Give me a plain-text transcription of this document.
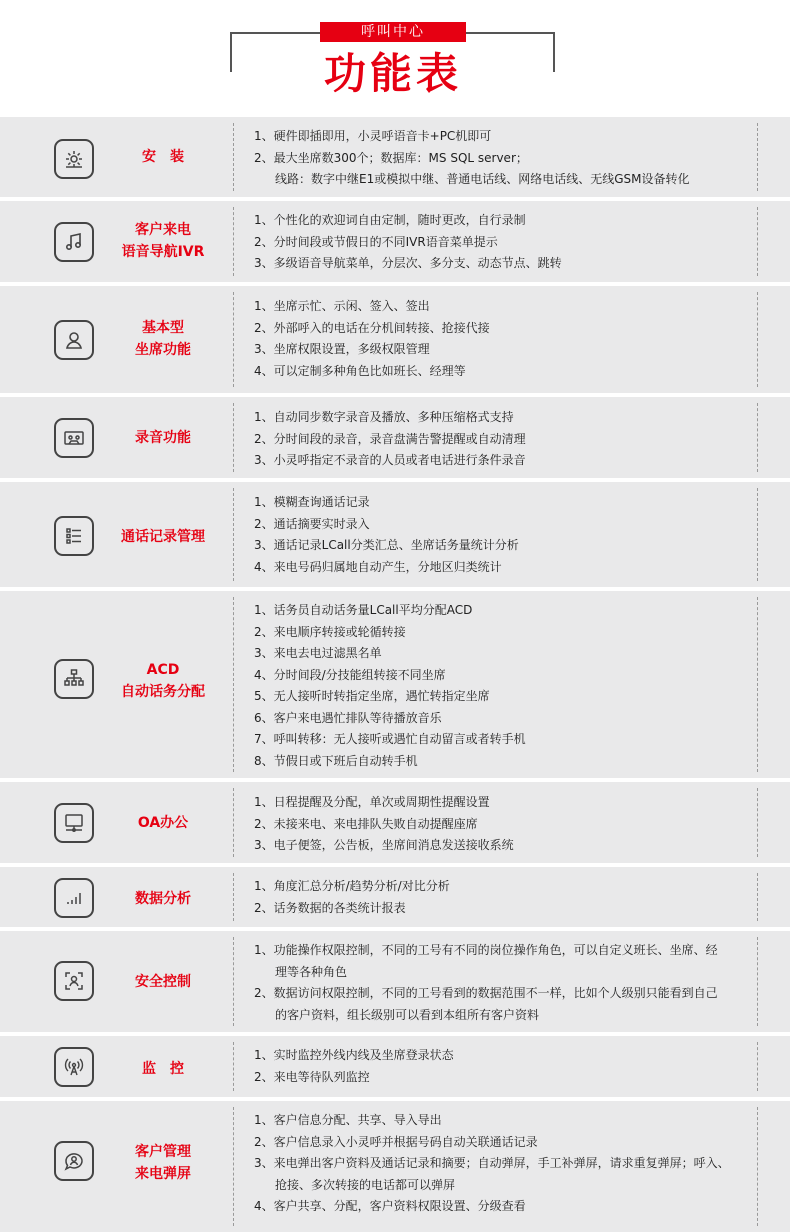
呼叫中心
功能表
安　装
1、硬件即插即用，小灵呼语音卡+PC机即可
2、最大坐席数300个；数据库：MS SQL server；
线路：数字中继E1或模拟中继、普通电话线、网络电话线、无线GSM设备转化
客户来电
语音导航IVR
1、个性化的欢迎词自由定制，随时更改，自行录制
2、分时间段或节假日的不同IVR语音菜单提示
3、多级语音导航菜单，分层次、多分支、动态节点、跳转
基本型
坐席功能
1、坐席示忙、示闲、签入、签出
2、外部呼入的电话在分机间转接、抢接代接
3、坐席权限设置，多级权限管理
4、可以定制多种角色比如班长、经理等
录音功能
1、自动同步数字录音及播放、多种压缩格式支持
2、分时间段的录音，录音盘满告警提醒或自动清理
3、小灵呼指定不录音的人员或者电话进行条件录音
通话记录管理
1、模糊查询通话记录
2、通话摘要实时录入
3、通话记录LCall分类汇总、坐席话务量统计分析
4、来电号码归属地自动产生，分地区归类统计
ACD
自动话务分配
1、话务员自动话务量LCall平均分配ACD
2、来电顺序转接或轮循转接
3、来电去电过滤黑名单
4、分时间段/分技能组转接不同坐席
5、无人接听时转指定坐席，遇忙转指定坐席
6、客户来电遇忙排队等待播放音乐
7、呼叫转移：无人接听或遇忙自动留言或者转手机
8、节假日或下班后自动转手机
OA办公
1、日程提醒及分配，单次或周期性提醒设置
2、未接来电、来电排队失败自动提醒座席
3、电子便签，公告板，坐席间消息发送接收系统
数据分析
1、角度汇总分析/趋势分析/对比分析
2、话务数据的各类统计报表
安全控制
1、功能操作权限控制，不同的工号有不同的岗位操作角色，可以自定义班长、坐席、经
理等各种角色
2、数据访问权限控制，不同的工号看到的数据范围不一样，比如个人级别只能看到自己
的客户资料，组长级别可以看到本组所有客户资料
监　控
1、实时监控外线内线及坐席登录状态
2、来电等待队列监控
客户管理
来电弹屏
1、客户信息分配、共享、导入导出
2、客户信息录入小灵呼并根据号码自动关联通话记录
3、来电弹出客户资料及通话记录和摘要；自动弹屏，手工补弹屏，请求重复弹屏；呼入、
抢接、多次转接的电话都可以弹屏
4、客户共享、分配，客户资料权限设置、分级查看
